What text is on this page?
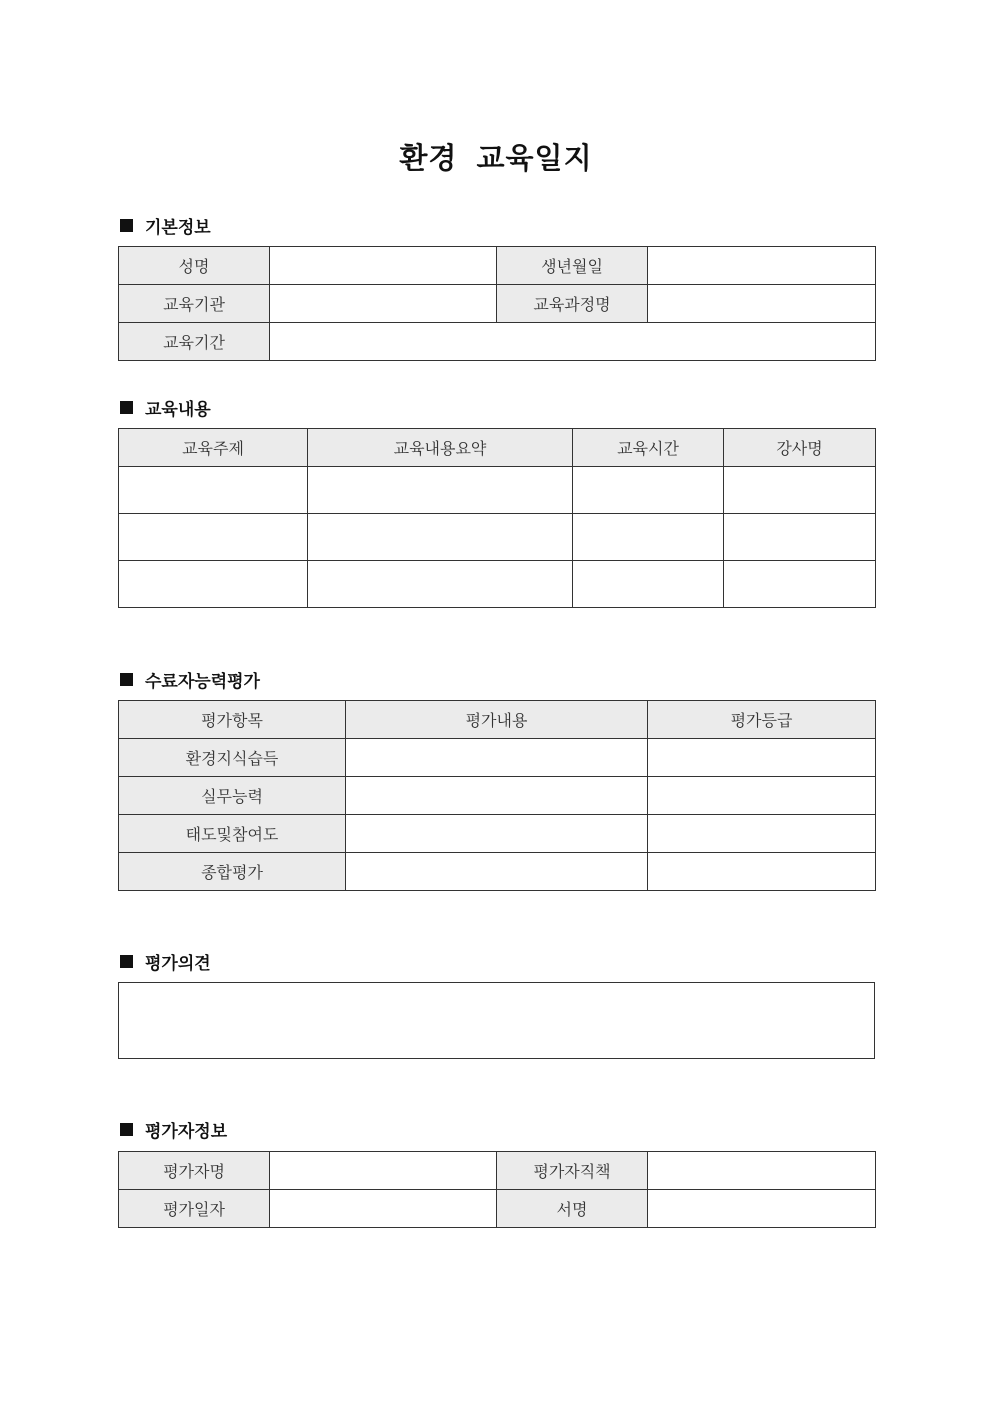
환경 교육일지
기본정보
성명		생년월일	
교육기관		교육과정명	
교육기간			
교육내용
교육주제	교육내용요약	교육시간	강사명

수료자능력평가
평가항목	평가내용	평가등급
환경지식습득		
실무능력		
태도및참여도		
종합평가		
평가의견
평가자정보
평가자명		평가자직책	
평가일자		서명	
